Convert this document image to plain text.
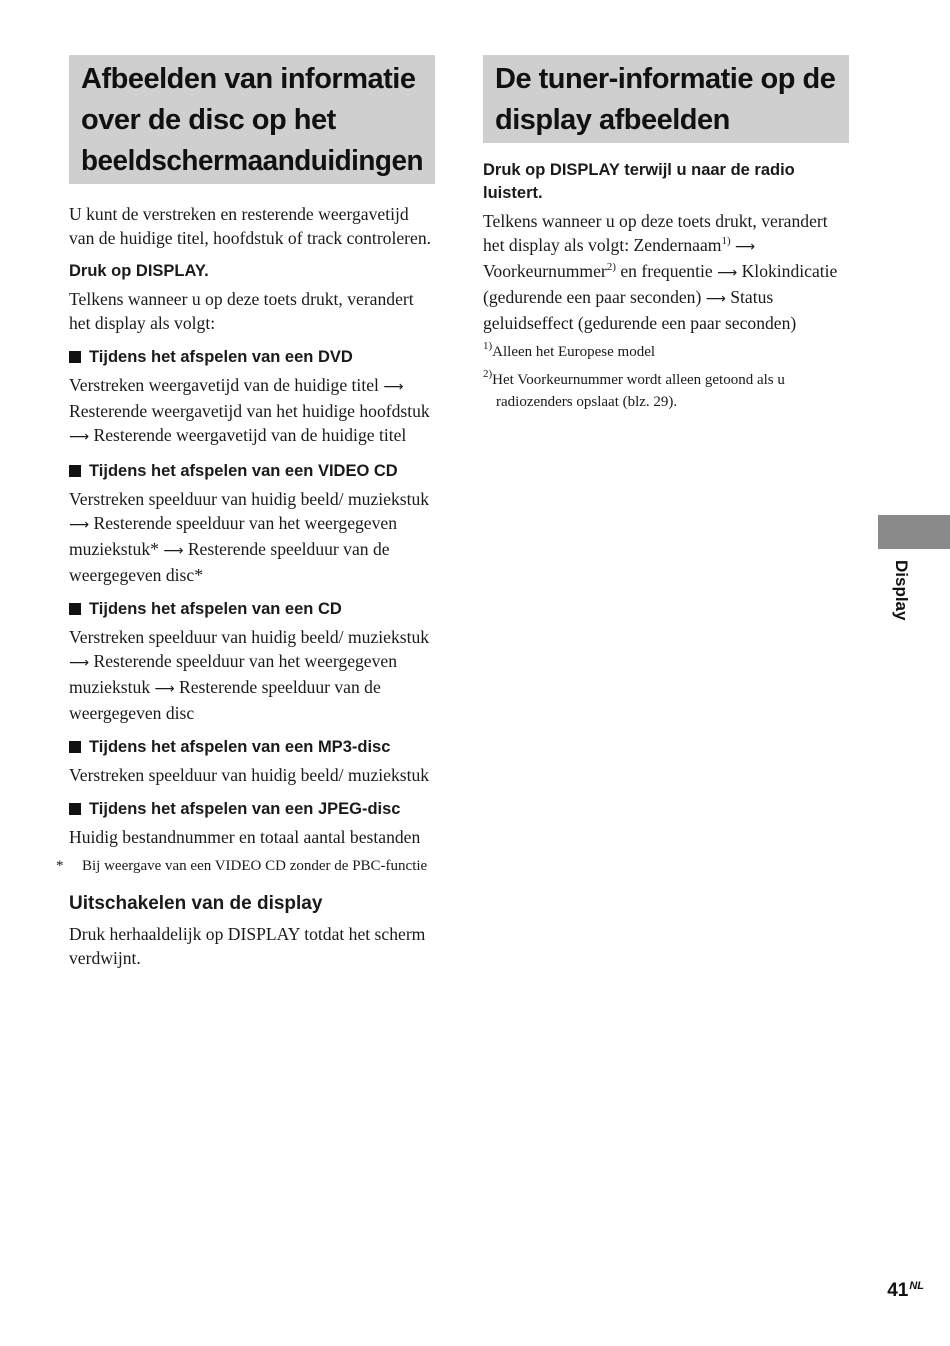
Afbeelden van informatie
over de disc op het
beeldschermaanduidingen

U kunt de verstreken en resterende weergavetijd van de huidige titel, hoofdstuk of track controleren.

Druk op DISPLAY.

Telkens wanneer u op deze toets drukt, verandert het display als volgt:

Tijdens het afspelen van een DVD

Verstreken weergavetijd van de huidige titel ⟶ Resterende weergavetijd van het huidige hoofdstuk ⟶ Resterende weergavetijd van de huidige titel

Tijdens het afspelen van een VIDEO CD

Verstreken speelduur van huidig beeld/ muziekstuk ⟶ Resterende speelduur van het weergegeven muziekstuk* ⟶ Resterende speelduur van de weergegeven disc*

Tijdens het afspelen van een CD

Verstreken speelduur van huidig beeld/ muziekstuk ⟶ Resterende speelduur van het weergegeven muziekstuk ⟶ Resterende speelduur van de weergegeven disc

Tijdens het afspelen van een MP3-disc

Verstreken speelduur van huidig beeld/ muziekstuk

Tijdens het afspelen van een JPEG-disc

Huidig bestandnummer en totaal aantal bestanden

* Bij weergave van een VIDEO CD zonder de PBC-functie

Uitschakelen van de display

Druk herhaaldelijk op DISPLAY totdat het scherm verdwijnt.

De tuner-informatie op de
display afbeelden

Druk op DISPLAY terwijl u naar de radio luistert.

Telkens wanneer u op deze toets drukt, verandert het display als volgt: Zendernaam$^{1)}$ ⟶ Voorkeurnummer$^{2)}$ en frequentie ⟶ Klokindicatie (gedurende een paar seconden) ⟶ Status geluidseffect (gedurende een paar seconden)

$^{1)}$Alleen het Europese model

$^{2)}$Het Voorkeurnummer wordt alleen getoond als u radiozenders opslaat (blz. 29).

Display
$41^{NL}$
